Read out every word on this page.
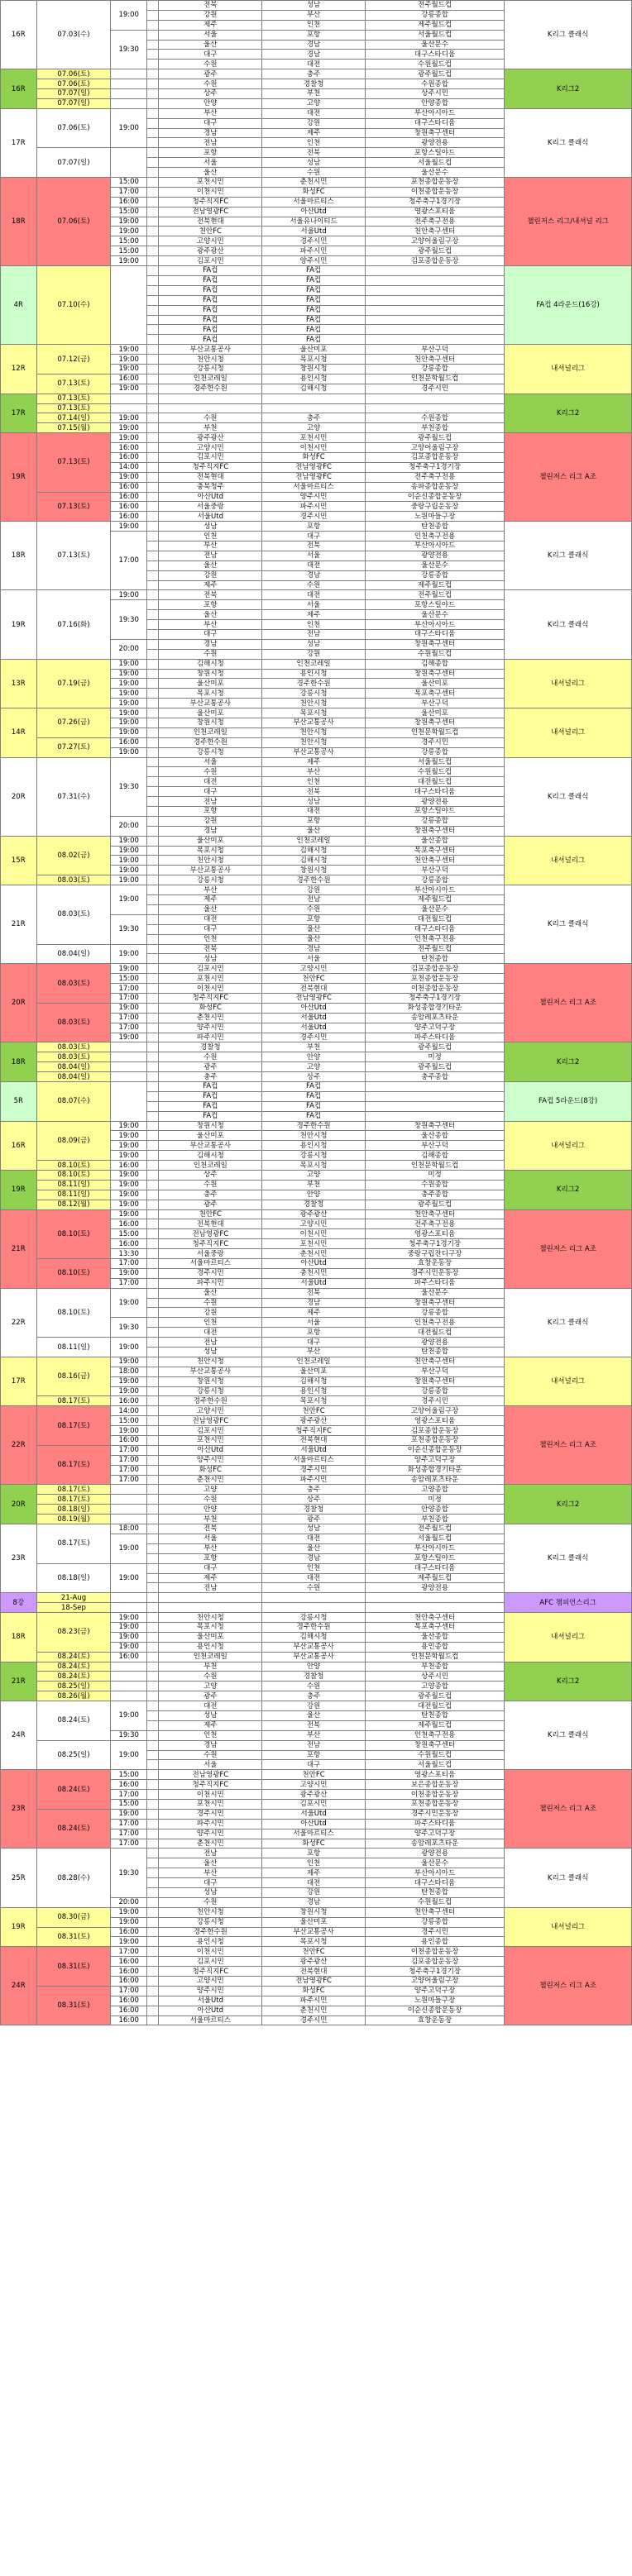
16R	07.03(수)	19:00		전북	성남	전주월드컵	K리그 클래식
				강원	부산	강릉종합	
				제주	인천	제주월드컵	
		19:30		서울	포항	서울월드컵	
				울산	경남	울산문수	
				대구	경남	대구스타디움	
				수원	대전	수원월드컵	
16R	07.06(토)			광주	충주	광주월드컵	K리그2
	07.06(토)			수원	경찰청	수원종합	
	07.07(일)			상주	부천	상주시민	
	07.07(일)			안양	고양	안양종합	
17R	07.06(토)	19:00		부산	대전	부산아시아드	K리그 클래식
				대구	강원	대구스타디움	
				경남	제주	창원축구센터	
				전남	인천	광양전용	
	07.07(일)			포항	전북	포항스틸야드	
				서울	성남	서울월드컵	
				울산	수원	울산문수	
18R	07.06(토)	15:00		포천시민	춘천시민	포천종합운동장	챌린저스 리그/내셔널 리그
		17:00		이천시민	화성FC	이천종합운동장	
		16:00		청주직지FC	서울마르티스	청주축구1경기장	
		15:00		전남영광FC	아산Utd	영광스포티움	
		19:00		전북현대	서울유나이티드	전주축구전용	
		19:00		천안FC	서울Utd	천안축구센터	
		15:00		고양시민	경주시민	고양어울림구장	
		15:00		광주광산	파주시민	광주월드컵	
		19:00		김포시민	양주시민	김포종합운동장	
4R	07.10(수)			FA컵	FA컵		FA컵 4라운드(16강)
				FA컵	FA컵		
				FA컵	FA컵		
				FA컵	FA컵		
				FA컵	FA컵		
				FA컵	FA컵		
				FA컵	FA컵		
				FA컵	FA컵		
12R	07.12(금)	19:00		부산교통공사	울산미포	부산구덕	내셔널리그
		19:00		천안시청	목포시청	천안축구센터	
		19:00		강릉시청	창원시청	강릉종합	
	07.13(토)	16:00		인천코레일	용인시청	인천문학월드컵	
		19:00		경주한수원	김해시청	경주시민	
17R	07.13(토)						K리그2
	07.13(토)						
	07.14(일)	19:00		수원	충주	수원종합	
	07.15(월)	19:00		부천	고양	부천종합	
19R	07.13(토)	19:00		광주광산	포천시민	광주월드컵	챌린저스 리그 A조
		16:00		고양시민	이천시민	고양어울림구장	
		16:00		김포시민	화성FC	김포종합운동장	
		14:00		청주직지FC	전남영광FC	청주축구1경기장	
		19:00		전북현대	전남영광FC	전주축구전용	
		16:00		충북청주	서울마르티스	송파종합운동장	
	07.13(토)	16:00		아산Utd	양주시민	이순신종합운동장	
		16:00		서울중랑	파주시민	중랑구립운동장	
		16:00		서울Utd	경주시민	노원마들구장	
18R	07.13(토)	19:00		성남	포항	탄천종합	K리그 클래식
		17:00		인천	대구	인천축구전용	
				부산	전북	부산아시아드	
				전남	서울	광양전용	
				울산	대전	울산문수	
				강원	경남	강릉종합	
				제주	수원	제주월드컵	
19R	07.16(화)	19:00		전북	대전	전주월드컵	K리그 클래식
		19:30		포항	서울	포항스틸야드	
				울산	제주	울산문수	
				부산	인천	부산아시아드	
				대구	전남	대구스타디움	
		20:00		경남	성남	창원축구센터	
				수원	강원	수원월드컵	
13R	07.19(금)	19:00		김해시청	인천코레일	김해종합	내셔널리그
		19:00		창원시청	용인시청	창원축구센터	
		19:00		울산미포	경주한수원	울산미포	
		19:00		목포시청	강릉시청	목포축구센터	
		19:00		부산교통공사	천안시청	부산구덕	
14R	07.26(금)	19:00		울산미포	목포시청	울산미포	내셔널리그
		19:00		창원시청	부산교통공사	창원축구센터	
		19:00		인천코레일	천안시청	인천문학월드컵	
	07.27(토)	16:00		경주한수원	천안시청	경주시민	
		19:00		강릉시청	부산교통공사	강릉종합	
20R	07.31(수)	19:30		서울	제주	서울월드컵	K리그 클래식
				수원	부산	수원월드컵	
				대전	인천	대전월드컵	
				대구	전북	대구스타디움	
				전남	성남	광양전용	
				포항	대전	포항스틸야드	
		20:00		강원	포항	강릉종합	
				경남	울산	창원축구센터	
15R	08.02(금)	19:00		울산미포	인천코레일	울산종합	내셔널리그
		19:00		목포시청	김해시청	목포축구센터	
		19:00		천안시청	김해시청	천안축구센터	
		19:00		부산교통공사	창원시청	부산구덕	
	08.03(토)	19:00		강릉시청	경주한수원	강릉종합	
21R	08.03(토)	19:00		부산	강원	부산아시아드	K리그 클래식
				제주	전남	제주월드컵	
				울산	수원	울산문수	
		19:30		대전	포항	대전월드컵	
				대구	울산	대구스타디움	
				인천	울산	인천축구전용	
	08.04(일)	19:00		전북	경남	전주월드컵	
				성남	서울	탄천종합	
20R	08.03(토)	19:00		김포시민	고양시민	김포종합운동장	챌린저스 리그 A조
		15:00		포천시민	천안FC	포천종합운동장	
		17:00		이천시민	전북현대	이천종합운동장	
		17:00		청주직지FC	전남영광FC	청주축구1경기장	
	08.03(토)	19:00		화성FC	아산Utd	화성종합경기타운	
		17:00		춘천시민	서울Utd	송암레포츠타운	
		17:00		양주시민	서울Utd	양주고덕구장	
		19:00		파주시민	경주시민	파주스타디움	
18R	08.03(토)			경찰청	부천	광주월드컵	K리그2
	08.03(토)			수원	안양	미정	
	08.04(일)			광주	고양	광주월드컵	
	08.04(일)			충주	상주	충주종합	
5R	08.07(수)			FA컵	FA컵		FA컵 5라운드(8강)
				FA컵	FA컵		
				FA컵	FA컵		
				FA컵	FA컵		
16R	08.09(금)	19:00		창원시청	경주한수원	창원축구센터	내셔널리그
		19:00		울산미포	천안시청	울산종합	
		19:00		부산교통공사	용인시청	부산구덕	
		19:00		김해시청	강릉시청	김해종합	
	08.10(토)	16:00		인천코레일	목포시청	인천문학월드컵	
19R	08.10(토)	19:00		상주	고양	미정	K리그2
	08.11(일)	19:00		수원	부천	수원종합	
	08.11(일)	19:00		충주	안양	충주종합	
	08.12(월)	19:00		광주	경찰청	광주월드컵	
21R	08.10(토)	19:00		천안FC	광주광산	천안축구센터	챌린저스 리그 A조
		16:00		전북현대	고양시민	전주축구전용	
		15:00		전남영광FC	이천시민	영광스포티움	
		16:00		청주직지FC	포천시민	청주축구1경기장	
		13:30		서울중랑	춘천시민	중랑구립잔디구장	
	08.10(토)	17:00		서울마르티스	아산Utd	효창운동장	
		19:00		경주시민	충천시민	경주시민운동장	
		17:00		파주시민	서울Utd	파주스타디움	
22R	08.10(토)	19:00		울산	전북	울산문수	K리그 클래식
				수원	경남	창원축구센터	
				강원	제주	강릉종합	
		19:30		인천	서울	인천축구전용	
				대전	포항	대전월드컵	
	08.11(일)	19:00		전남	대구	광양전용	
				성남	부산	탄천종합	
17R	08.16(금)	19:00		천안시청	인천코레일	천안축구센터	내셔널리그
		18:00		부산교통공사	울산미포	부산구덕	
		19:00		창원시청	김해시청	창원축구센터	
		19:00		강릉시청	용인시청	강릉종합	
	08.17(토)	16:00		경주한수원	목포시청	경주시민	
22R	08.17(토)	14:00		고양시민	천안FC	고양어울림구장	챌린저스 리그 A조
		15:00		전남영광FC	광주광산	영광스포티움	
		19:00		김포시민	청주직지FC	김포종합운동장	
		16:00		포천시민	전북현대	포천종합운동장	
	08.17(토)	17:00		아산Utd	서울Utd	이순신종합운동장	
		17:00		양주시민	서울마르티스	양주고덕구장	
		17:00		화성FC	경주시민	화성종합경기타운	
		17:00		춘천시민	파주시민	송암레포츠타운	
20R	08.17(토)			고양	충주	고양종합	K리그2
	08.17(토)			수원	상주	미정	
	08.18(일)			안양	경찰청	안양종합	
	08.19(월)			부천	광주	부천종합	
23R	08.17(토)	18:00		전북	성남	전주월드컵	K리그 클래식
		19:00		서울	대전	서울월드컵	
				부산	울산	부산아시아드	
				포항	경남	포항스틸야드	
	08.18(일)	19:00		대구	인천	대구스타디움	
				제주	대전	제주월드컵	
				전남	수원	광양전용	
8강	21-Aug						AFC 챔피언스리그
	18-Sep						
18R	08.23(금)	19:00		천안시청	강릉시청	천안축구센터	내셔널리그
		19:00		목포시청	경주한수원	목포축구센터	
		19:00		울산미포	김해시청	울산종합	
		19:00		용인시청	부산교통공사	용인종합	
	08.24(토)	16:00		인천코레일	부산교통공사	인천문학월드컵	
21R	08.24(토)			부천	안양	부천종합	K리그2
	08.24(토)			수원	경찰청	상주시민	
	08.25(일)			고양	수원	고양종합	
	08.26(월)			광주	충주	광주월드컵	
24R	08.24(토)	19:00		대전	강원	대전월드컵	K리그 클래식
				성남	울산	탄천종합	
				제주	전북	제주월드컵	
		19:30		인천	부산	인천축구전용	
	08.25(일)	19:00		경남	전남	창원축구센터	
				수원	포항	수원월드컵	
				서울	대구	서울월드컵	
23R	08.24(토)	15:00		전남영광FC	천안FC	영광스포티움	챌린저스 리그 A조
		16:00		청주직지FC	고양시민	보은종합운동장	
		17:00		이천시민	광주광산	이천종합운동장	
		15:00		포천시민	김포시민	포천종합운동장	
	08.24(토)	19:00		경주시민	서울Utd	경주시민운동장	
		17:00		파주시민	아산Utd	파주스타디움	
		17:00		양주시민	서울마르티스	양주고덕구장	
		17:00		춘천시민	화성FC	송암레포츠타운	
25R	08.28(수)	19:30		전남	포항	광양전용	K리그 클래식
				울산	인천	울산문수	
				부산	제주	부산아시아드	
				대구	대전	대구스타디움	
				성남	강원	탄천종합	
		20:00		수원	경남	수원월드컵	
19R	08.30(금)	19:00		천안시청	창원시청	천안축구센터	내셔널리그
		19:00		강릉시청	울산미포	강릉종합	
	08.31(토)	16:00		경주한수원	부산교통공사	경주시민	
		19:00		용인시청	목포시청	용인종합	
24R	08.31(토)	17:00		이천시민	천안FC	이천종합운동장	챌린저스 리그 A조
		16:00		김포시민	광주광산	김포종합운동장	
		16:00		청주직지FC	전북현대	청주축구1경기장	
		16:00		고양시민	전남영광FC	고양어울림구장	
	08.31(토)	17:00		양주시민	화성FC	양주고덕구장	
		16:00		서울Utd	파주시민	노원마들구장	
		16:00		아산Utd	춘천시민	이순신종합운동장	
		16:00		서울마르티스	경주시민	효창운동장	
